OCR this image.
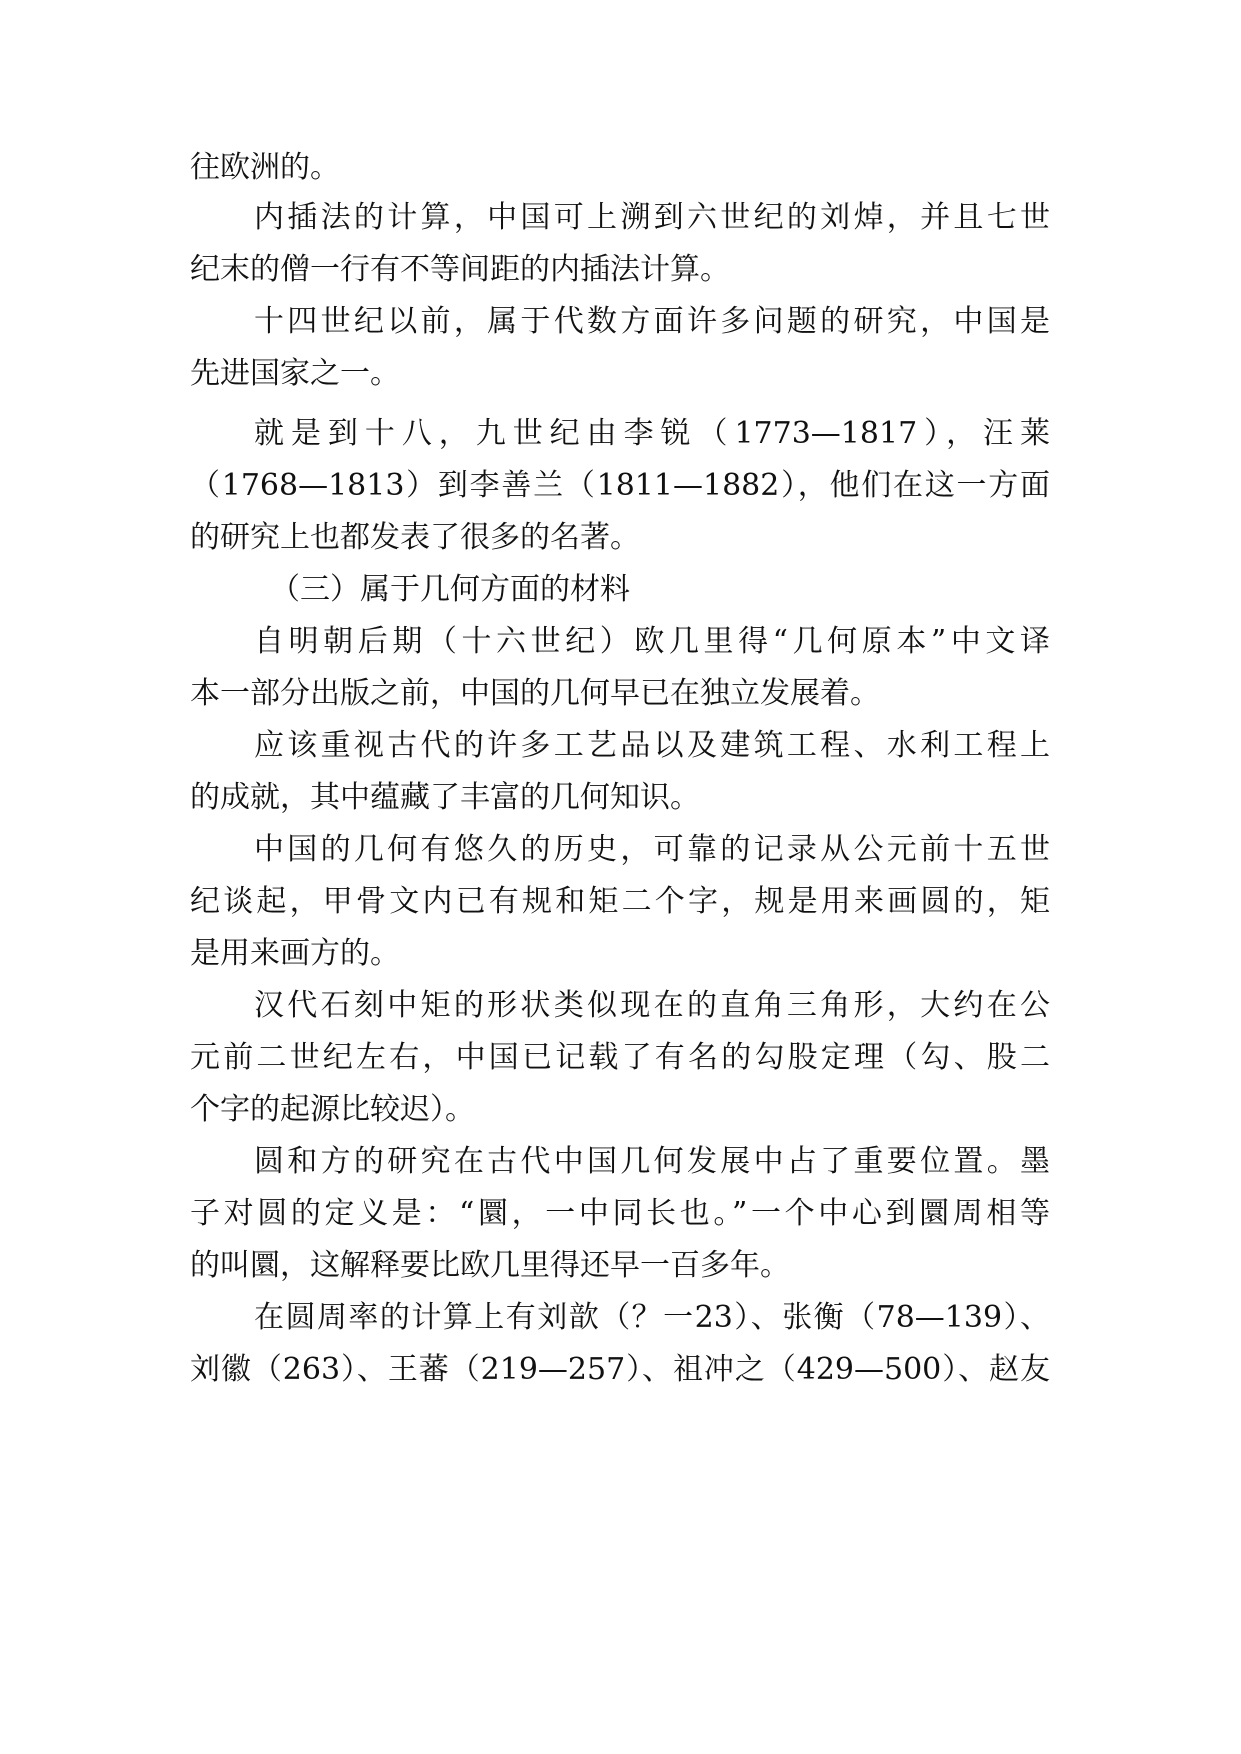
往欧洲的。
内插法的计算，中国可上溯到六世纪的刘焯，并且七世
纪末的僧一行有不等间距的内插法计算。
十四世纪以前，属于代数方面许多问题的研究，中国是
先进国家之一。
就是到十八，九世纪由李锐（1773—1817），汪莱
（1768—1813）到李善兰（1811—1882），他们在这一方面
的研究上也都发表了很多的名著。
（三）属于几何方面的材料
自明朝后期（十六世纪）欧几里得“几何原本”中文译
本一部分出版之前，中国的几何早已在独立发展着。
应该重视古代的许多工艺品以及建筑工程、水利工程上
的成就，其中蕴藏了丰富的几何知识。
中国的几何有悠久的历史，可靠的记录从公元前十五世
纪谈起，甲骨文内已有规和矩二个字，规是用来画圆的，矩
是用来画方的。
汉代石刻中矩的形状类似现在的直角三角形，大约在公
元前二世纪左右，中国已记载了有名的勾股定理（勾、股二
个字的起源比较迟）。
圆和方的研究在古代中国几何发展中占了重要位置。墨
子对圆的定义是：“圜，一中同长也。”一个中心到圜周相等
的叫圜，这解释要比欧几里得还早一百多年。
在圆周率的计算上有刘歆（？一23）、张衡（78—139）、
刘徽（263）、王蕃（219—257）、祖冲之（429—500）、赵友
